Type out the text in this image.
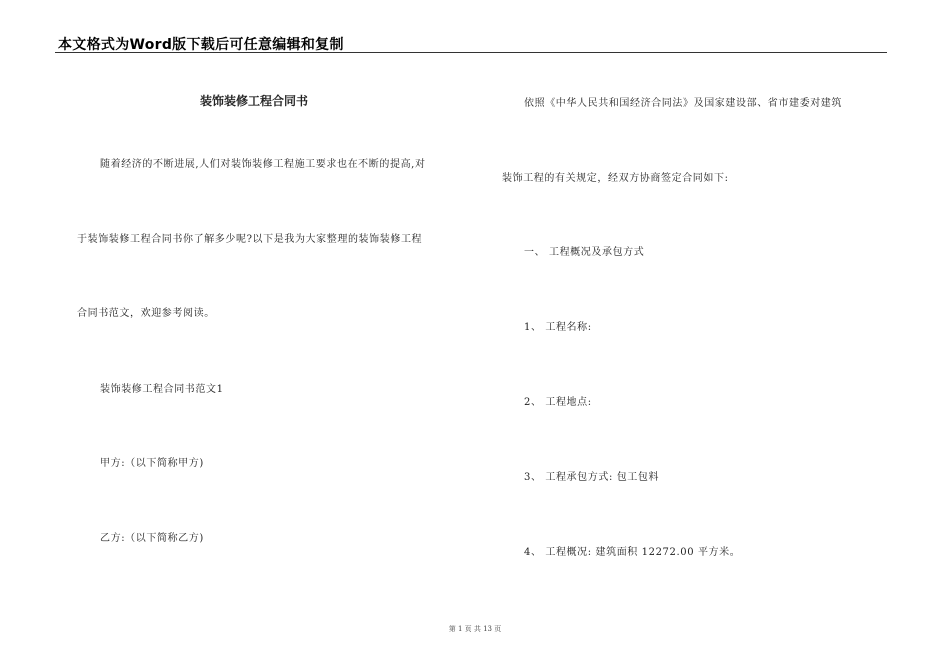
本文格式为Word版下载后可任意编辑和复制
装饰装修工程合同书
随着经济的不断进展,人们对装饰装修工程施工要求也在不断的提高,对
于装饰装修工程合同书你了解多少呢?以下是我为大家整理的装饰装修工程
合同书范文，欢迎参考阅读。
装饰装修工程合同书范文1
甲方:（以下简称甲方)
乙方:（以下简称乙方)
依照《中华人民共和国经济合同法》及国家建设部、省市建委对建筑
装饰工程的有关规定，经双方协商签定合同如下:
一、 工程概况及承包方式
1、 工程名称:
2、 工程地点:
3、 工程承包方式: 包工包料
4、 工程概况: 建筑面积 12272.00 平方米。
第 1 页 共 13 页
